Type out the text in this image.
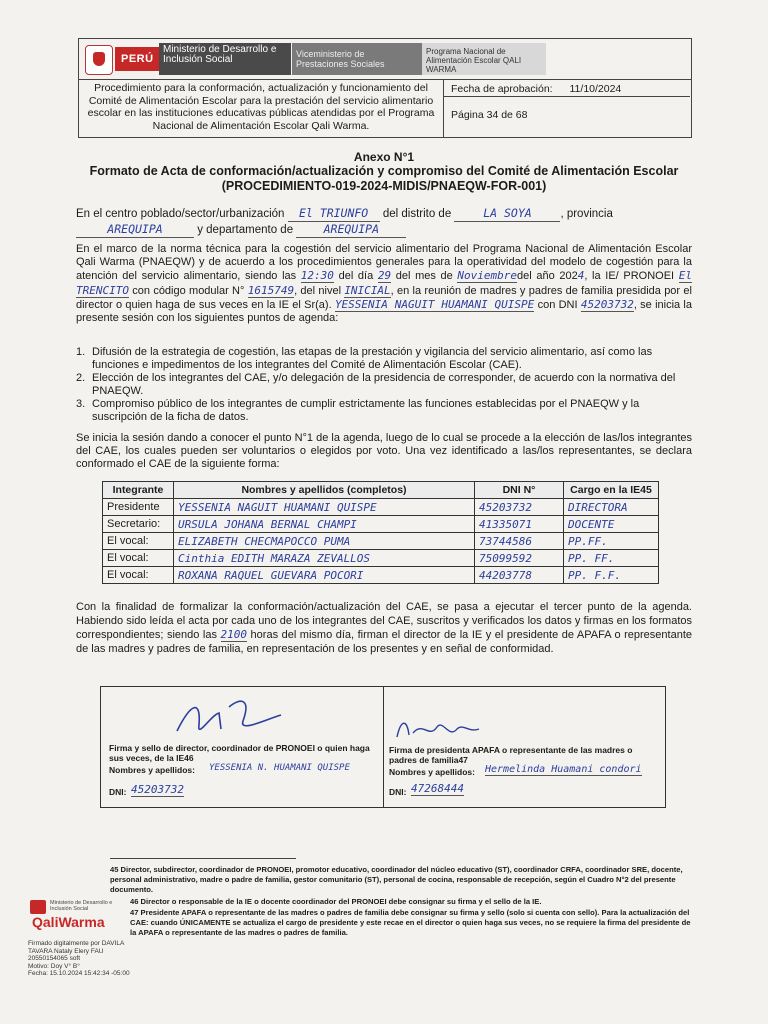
PERÚ
Ministerio de Desarrollo e Inclusión Social	Viceministerio de Prestaciones Sociales
Programa Nacional de Alimentación Escolar QALI WARMA
Procedimiento para la conformación, actualización y funcionamiento del Comité de Alimentación Escolar para la prestación del servicio alimentario escolar en las instituciones educativas públicas atendidas por el Programa Nacional de Alimentación Escolar Qali Warma.
Fecha de aprobación: 11/10/2024
Página 34 de 68
Anexo N°1
Formato de Acta de conformación/actualización y compromiso del Comité de Alimentación Escolar
(PROCEDIMIENTO-019-2024-MIDIS/PNAEQW-FOR-001)
En el centro poblado/sector/urbanización El TRIUNFO del distrito de	LA SOYA	, provincia
AREQUIPA	y departamento de	AREQUIPA
En el marco de la norma técnica para la cogestión del servicio alimentario del Programa Nacional de Alimentación Escolar Qali Warma (PNAEQW) y de acuerdo a los procedimientos generales para la operatividad del modelo de cogestión para la atención del servicio alimentario, siendo las 12:30 del día 29 del mes de Noviembredel año 2024, la IE/ PRONOEI El TRENCITO con código modular N° 1615749, del nivel INICIAL, en la reunión de madres y padres de familia presidida por el director o quien haga de sus veces en la IE el Sr(a). YESSENIA NAGUIT HUAMANI QUISPE con DNI 45203732, se inicia la presente sesión con los siguientes puntos de agenda:
1. Difusión de la estrategia de cogestión, las etapas de la prestación y vigilancia del servicio alimentario, así como las funciones e impedimentos de los integrantes del Comité de Alimentación Escolar (CAE).
2. Elección de los integrantes del CAE, y/o delegación de la presidencia de corresponder, de acuerdo con la normativa del PNAEQW.
3. Compromiso público de los integrantes de cumplir estrictamente las funciones establecidas por el PNAEQW y la suscripción de la ficha de datos.
Se inicia la sesión dando a conocer el punto N°1 de la agenda, luego de lo cual se procede a la elección de las/los integrantes del CAE, los cuales pueden ser voluntarios o elegidos por voto. Una vez identificado a las/los representantes, se declara conformado el CAE de la siguiente forma:
Integrante	Nombres y apellidos (completos)	DNI N°	Cargo en la IE45
Presidente	YESSENIA NAGUIT HUAMANI QUISPE	45203732	DIRECTORA
Secretario:	URSULA JOHANA BERNAL CHAMPI	41335071	DOCENTE
El vocal:	ELIZABETH CHECMAPOCCO PUMA	73744586	PP.FF.
El vocal:	Cinthia EDITH MARAZA ZEVALLOS	75099592	PP. FF.
El vocal:	ROXANA RAQUEL GUEVARA POCORI	44203778	PP. F.F.
Con la finalidad de formalizar la conformación/actualización del CAE, se pasa a ejecutar el tercer punto de la agenda. Habiendo sido leída el acta por cada uno de los integrantes del CAE, suscritos y verificados los datos y firmas en los formatos correspondientes; siendo las 2100 horas del mismo día, firman el director de la IE y el presidente de APAFA o representante de las madres y padres de familia, en representación de los presentes y en señal de conformidad.
Firma y sello de director, coordinador de PRONOEI o quien haga sus veces, de la IE46
Nombres y apellidos: YESSENIA N. HUAMANI QUISPE
DNI: 45203732
Firma de presidenta APAFA o representante de las madres o padres de familia47
Nombres y apellidos: Hermelinda Huamani condori
DNI: 47268444
45 Director, subdirector, coordinador de PRONOEI, promotor educativo, coordinador del núcleo educativo (ST), coordinador CRFA, coordinador SRE, docente, personal administrativo, madre o padre de familia, gestor comunitario (ST), personal de cocina, responsable de recepción, según el Cuadro N°2 del presente documento.
46 Director o responsable de la IE o docente coordinador del PRONOEI debe consignar su firma y el sello de la IE.
47 Presidente APAFA o representante de las madres o padres de familia debe consignar su firma y sello (solo si cuenta con sello). Para la actualización del CAE: cuando ÚNICAMENTE se actualiza el cargo de presidente y este recae en el director o quien haga sus veces, no se requiere la firma del presidente de la APAFA o representante de las madres o padres de familia.
Ministerio de Desarrollo e Inclusión Social
QaliWarma
Firmado digitalmente por DAVILA
TAVARA Nataly Elery FAU
20550154065 soft
Motivo: Doy V° B°
Fecha: 15.10.2024 15:42:34 -05:00
